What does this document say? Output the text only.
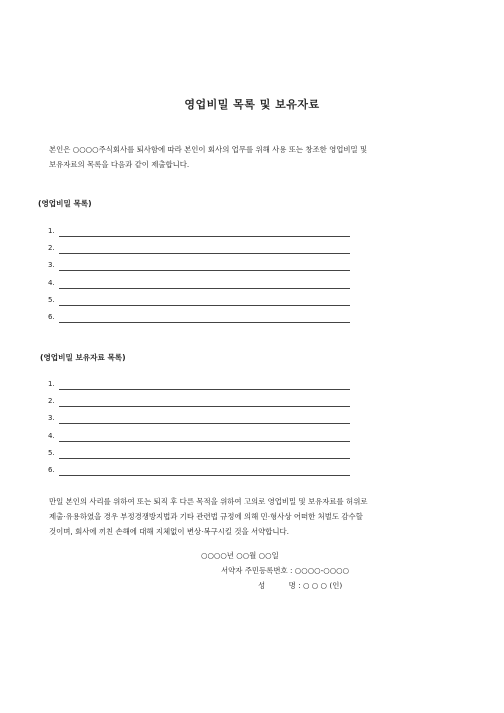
영업비밀 목록 및 보유자료
본인은 ○○○○주식회사를 퇴사함에 따라 본인이 회사의 업무를 위해 사용 또는 창조한 영업비밀 및
보유자료의 목록을 다음과 같이 제출합니다.
(영업비밀 목록)
1.
2.
3.
4.
5.
6.
(영업비밀 보유자료 목록)
1.
2.
3.
4.
5.
6.
만일 본인의 사리를 위하여 또는 퇴직 후 다른 목적을 위하여 고의로 영업비밀 및 보유자료를 허위로
제출·유용하였을 경우 부정경쟁방지법과 기타 관련법 규정에 의해 민·형사상 어떠한 처벌도 감수할
것이며, 회사에 끼친 손해에 대해 지체없이 변상·복구시킬 것을 서약합니다.
○○○○년 ○○월 ○○일
서약자 주민등록번호 : ○○○○-○○○○
성          명 : ○ ○ ○ (인)
